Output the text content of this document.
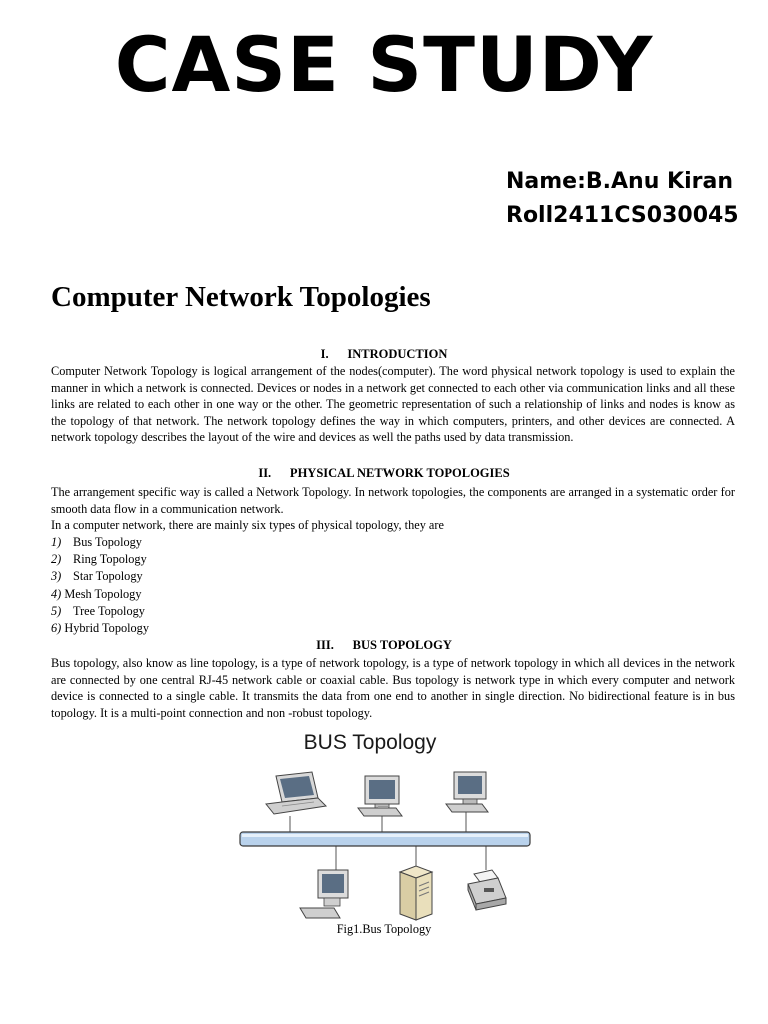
CASE STUDY
Name:B.Anu Kiran
Roll2411CS030045
Computer Network Topologies
I.      INTRODUCTION
Computer Network Topology is logical arrangement of the nodes(computer). The word physical network topology is used to explain the manner in which a network is connected. Devices or nodes in a network get connected to each other via communication links and all these links are related to each other in one way or the other. The geometric representation of such a relationship of links and nodes is know as the topology of that network. The network topology defines the way in which computers, printers, and other devices are connected. A network topology describes the layout of the wire and devices as well the paths used by data transmission.
II.      PHYSICAL NETWORK TOPOLOGIES
The arrangement specific way is called a Network Topology. In network topologies, the components are arranged in a systematic order for smooth data flow in a communication network.
In a computer network, there are mainly six types of physical topology, they are
1) Bus Topology
2) Ring Topology
3) Star Topology
4) Mesh Topology
5) Tree Topology
6) Hybrid Topology
III.      BUS TOPOLOGY
Bus topology, also know as line topology, is a type of network topology, is a type of network topology in which all devices in the network are connected by one central RJ-45 network cable or coaxial cable. Bus topology is network type in which every computer and network device is connected to a single cable. It transmits the data from one end to another in single direction. No bidirectional feature is in bus topology. It is a multi-point connection and non -robust topology.
BUS Topology
Fig1.Bus Topology
